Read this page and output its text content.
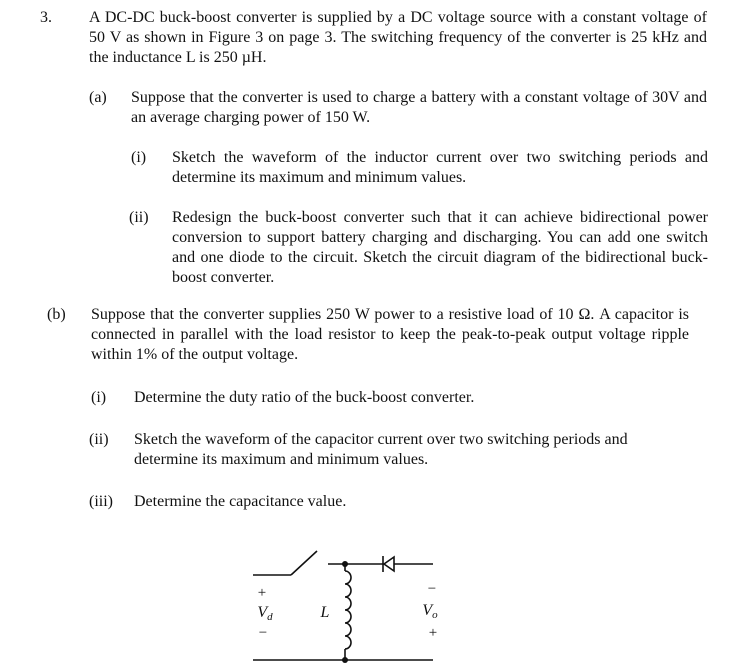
3. A DC-DC buck-boost converter is supplied by a DC voltage source with a constant voltage of 50 V as shown in Figure 3 on page 3. The switching frequency of the converter is 25 kHz and the inductance L is 250 µH.
(a) Suppose that the converter is used to charge a battery with a constant voltage of 30V and an average charging power of 150 W.
(i) Sketch the waveform of the inductor current over two switching periods and determine its maximum and minimum values.
(ii) Redesign the buck-boost converter such that it can achieve bidirectional power conversion to support battery charging and discharging. You can add one switch and one diode to the circuit. Sketch the circuit diagram of the bidirectional buck-boost converter.
(b) Suppose that the converter supplies 250 W power to a resistive load of 10 Ω. A capacitor is connected in parallel with the load resistor to keep the peak-to-peak output voltage ripple within 1% of the output voltage.
(i) Determine the duty ratio of the buck-boost converter.
(ii) Sketch the waveform of the capacitor current over two switching periods and determine its maximum and minimum values.
(iii) Determine the capacitance value.
+
Vd
−
L
−
Vo
+
